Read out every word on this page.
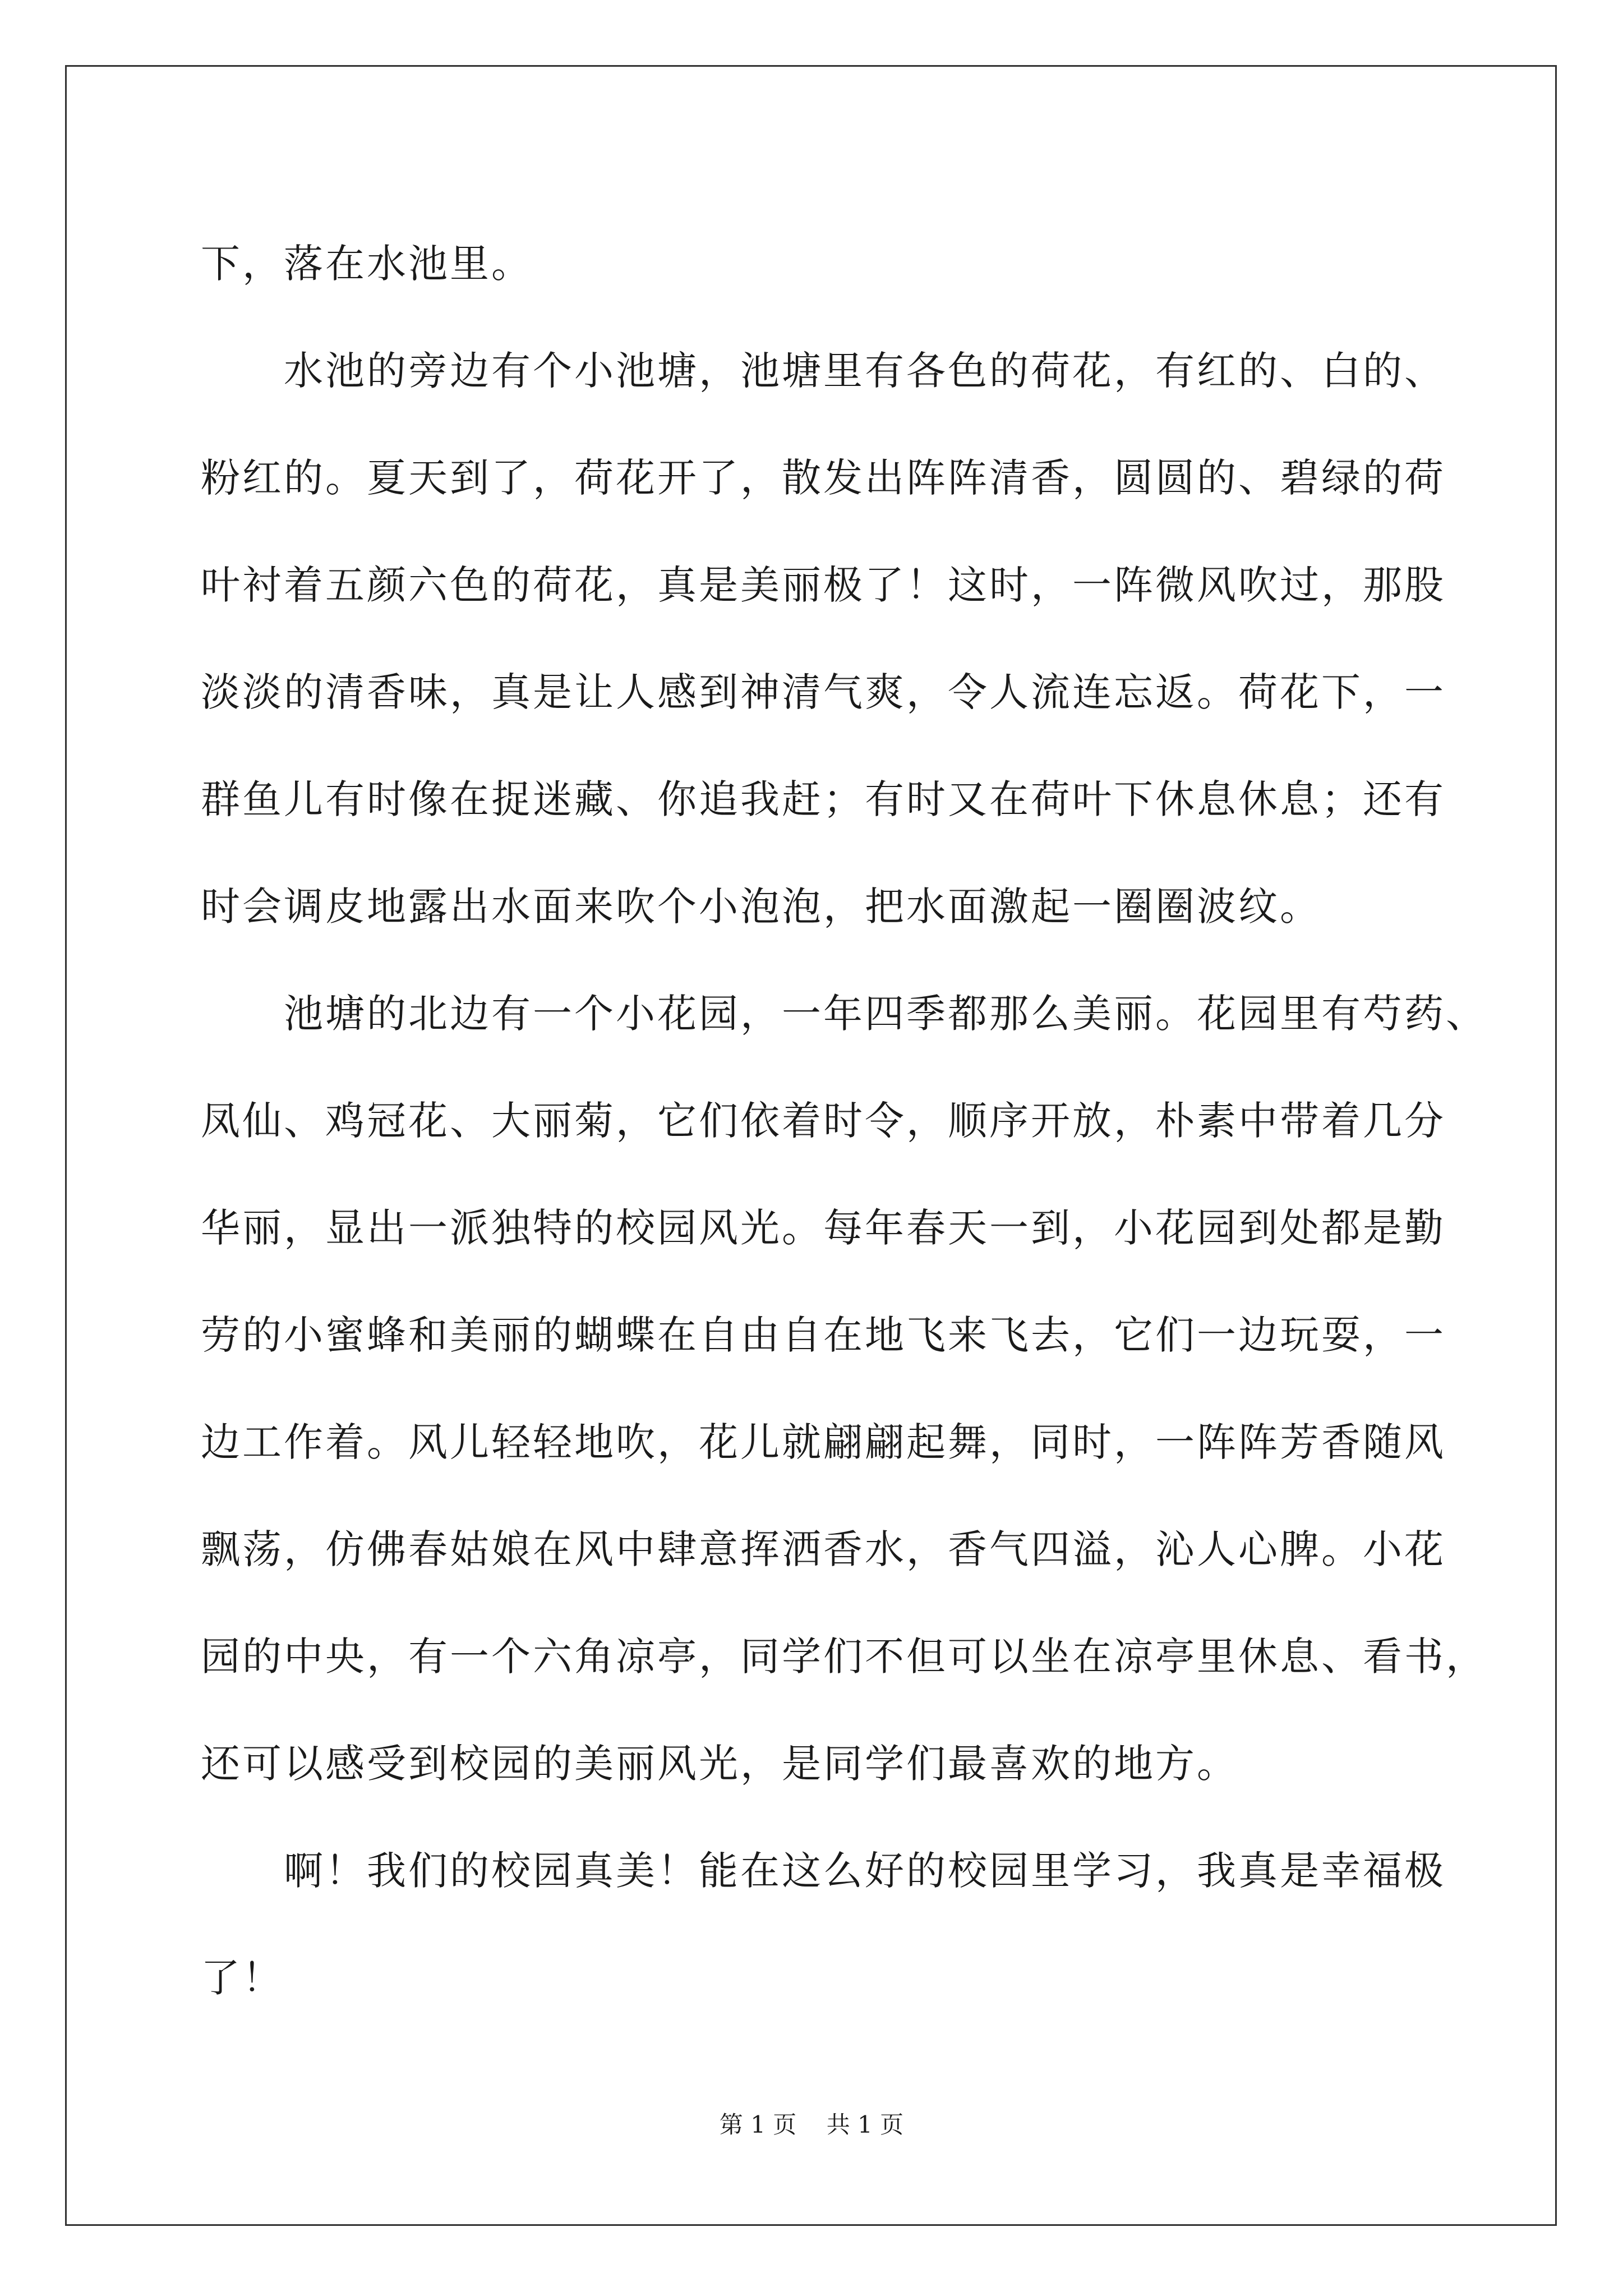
下，落在水池里。
水池的旁边有个小池塘，池塘里有各色的荷花，有红的、白的、
粉红的。夏天到了，荷花开了，散发出阵阵清香，圆圆的、碧绿的荷
叶衬着五颜六色的荷花，真是美丽极了！这时，一阵微风吹过，那股
淡淡的清香味，真是让人感到神清气爽，令人流连忘返。荷花下，一
群鱼儿有时像在捉迷藏、你追我赶；有时又在荷叶下休息休息；还有
时会调皮地露出水面来吹个小泡泡，把水面激起一圈圈波纹。
池塘的北边有一个小花园，一年四季都那么美丽。花园里有芍药、
凤仙、鸡冠花、大丽菊，它们依着时令，顺序开放，朴素中带着几分
华丽，显出一派独特的校园风光。每年春天一到，小花园到处都是勤
劳的小蜜蜂和美丽的蝴蝶在自由自在地飞来飞去，它们一边玩耍，一
边工作着。风儿轻轻地吹，花儿就翩翩起舞，同时，一阵阵芳香随风
飘荡，仿佛春姑娘在风中肆意挥洒香水，香气四溢，沁人心脾。小花
园的中央，有一个六角凉亭，同学们不但可以坐在凉亭里休息、看书，
还可以感受到校园的美丽风光，是同学们最喜欢的地方。
啊！我们的校园真美！能在这么好的校园里学习，我真是幸福极
了！
第 1 页    共 1 页
